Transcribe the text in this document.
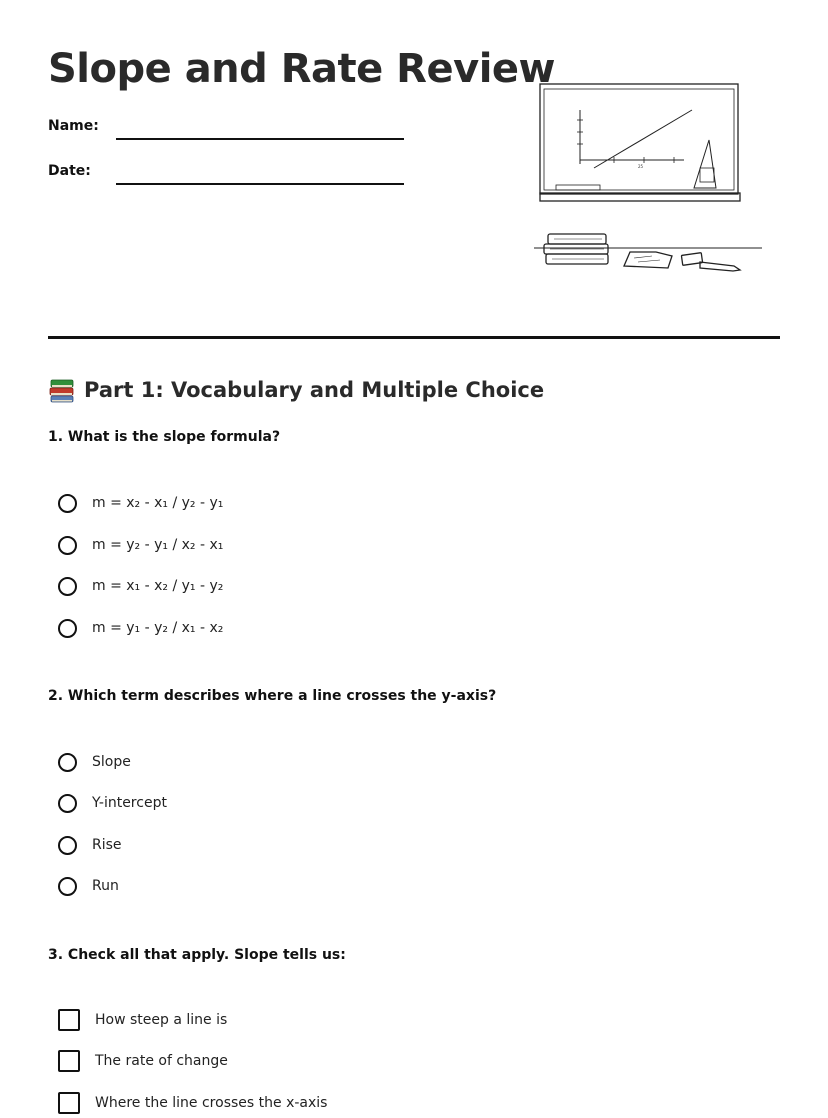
Slope and Rate Review
Name:
Date:	25
Part 1: Vocabulary and Multiple Choice
1. What is the slope formula?
m = x₂ - x₁ / y₂ - y₁
m = y₂ - y₁ / x₂ - x₁
m = x₁ - x₂ / y₁ - y₂
m = y₁ - y₂ / x₁ - x₂
2. Which term describes where a line crosses the y-axis?
Slope
Y-intercept
Rise
Run
3. Check all that apply. Slope tells us:
How steep a line is
The rate of change
Where the line crosses the x-axis
